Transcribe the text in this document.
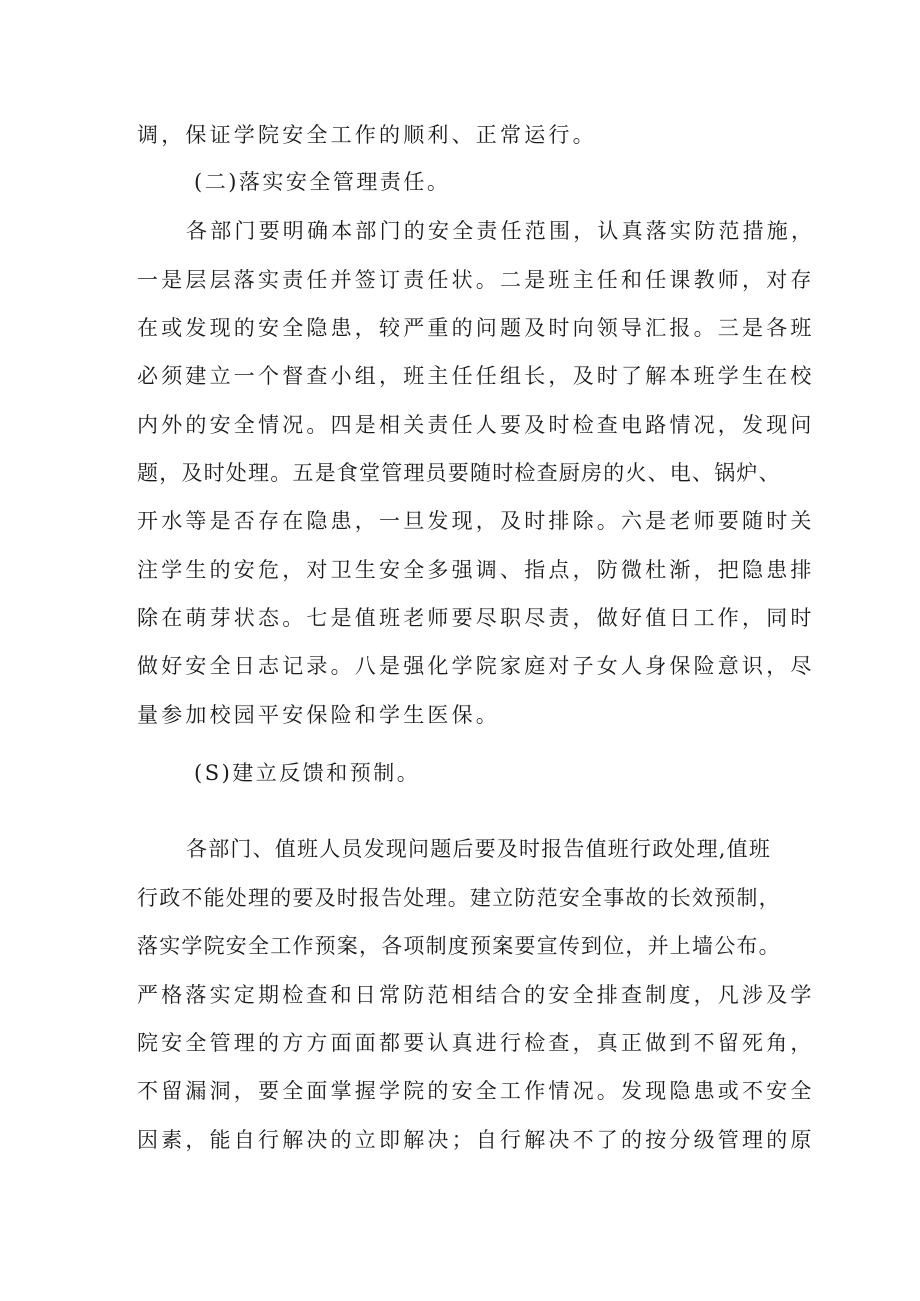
调，保证学院安全工作的顺利、正常运行。
(二)落实安全管理责任。
各部门要明确本部门的安全责任范围，认真落实防范措施，
一是层层落实责任并签订责任状。二是班主任和任课教师，对存
在或发现的安全隐患，较严重的问题及时向领导汇报。三是各班
必须建立一个督查小组，班主任任组长，及时了解本班学生在校
内外的安全情况。四是相关责任人要及时检查电路情况，发现问
题，及时处理。五是食堂管理员要随时检查厨房的火、电、锅炉、
开水等是否存在隐患，一旦发现，及时排除。六是老师要随时关
注学生的安危，对卫生安全多强调、指点，防微杜渐，把隐患排
除在萌芽状态。七是值班老师要尽职尽责，做好值日工作，同时
做好安全日志记录。八是强化学院家庭对子女人身保险意识，尽
量参加校园平安保险和学生医保。
(S)建立反馈和预制。
各部门、值班人员发现问题后要及时报告值班行政处理,值班
行政不能处理的要及时报告处理。建立防范安全事故的长效预制，
落实学院安全工作预案，各项制度预案要宣传到位，并上墙公布。
严格落实定期检查和日常防范相结合的安全排查制度，凡涉及学
院安全管理的方方面面都要认真进行检查，真正做到不留死角，
不留漏洞，要全面掌握学院的安全工作情况。发现隐患或不安全
因素，能自行解决的立即解决；自行解决不了的按分级管理的原
